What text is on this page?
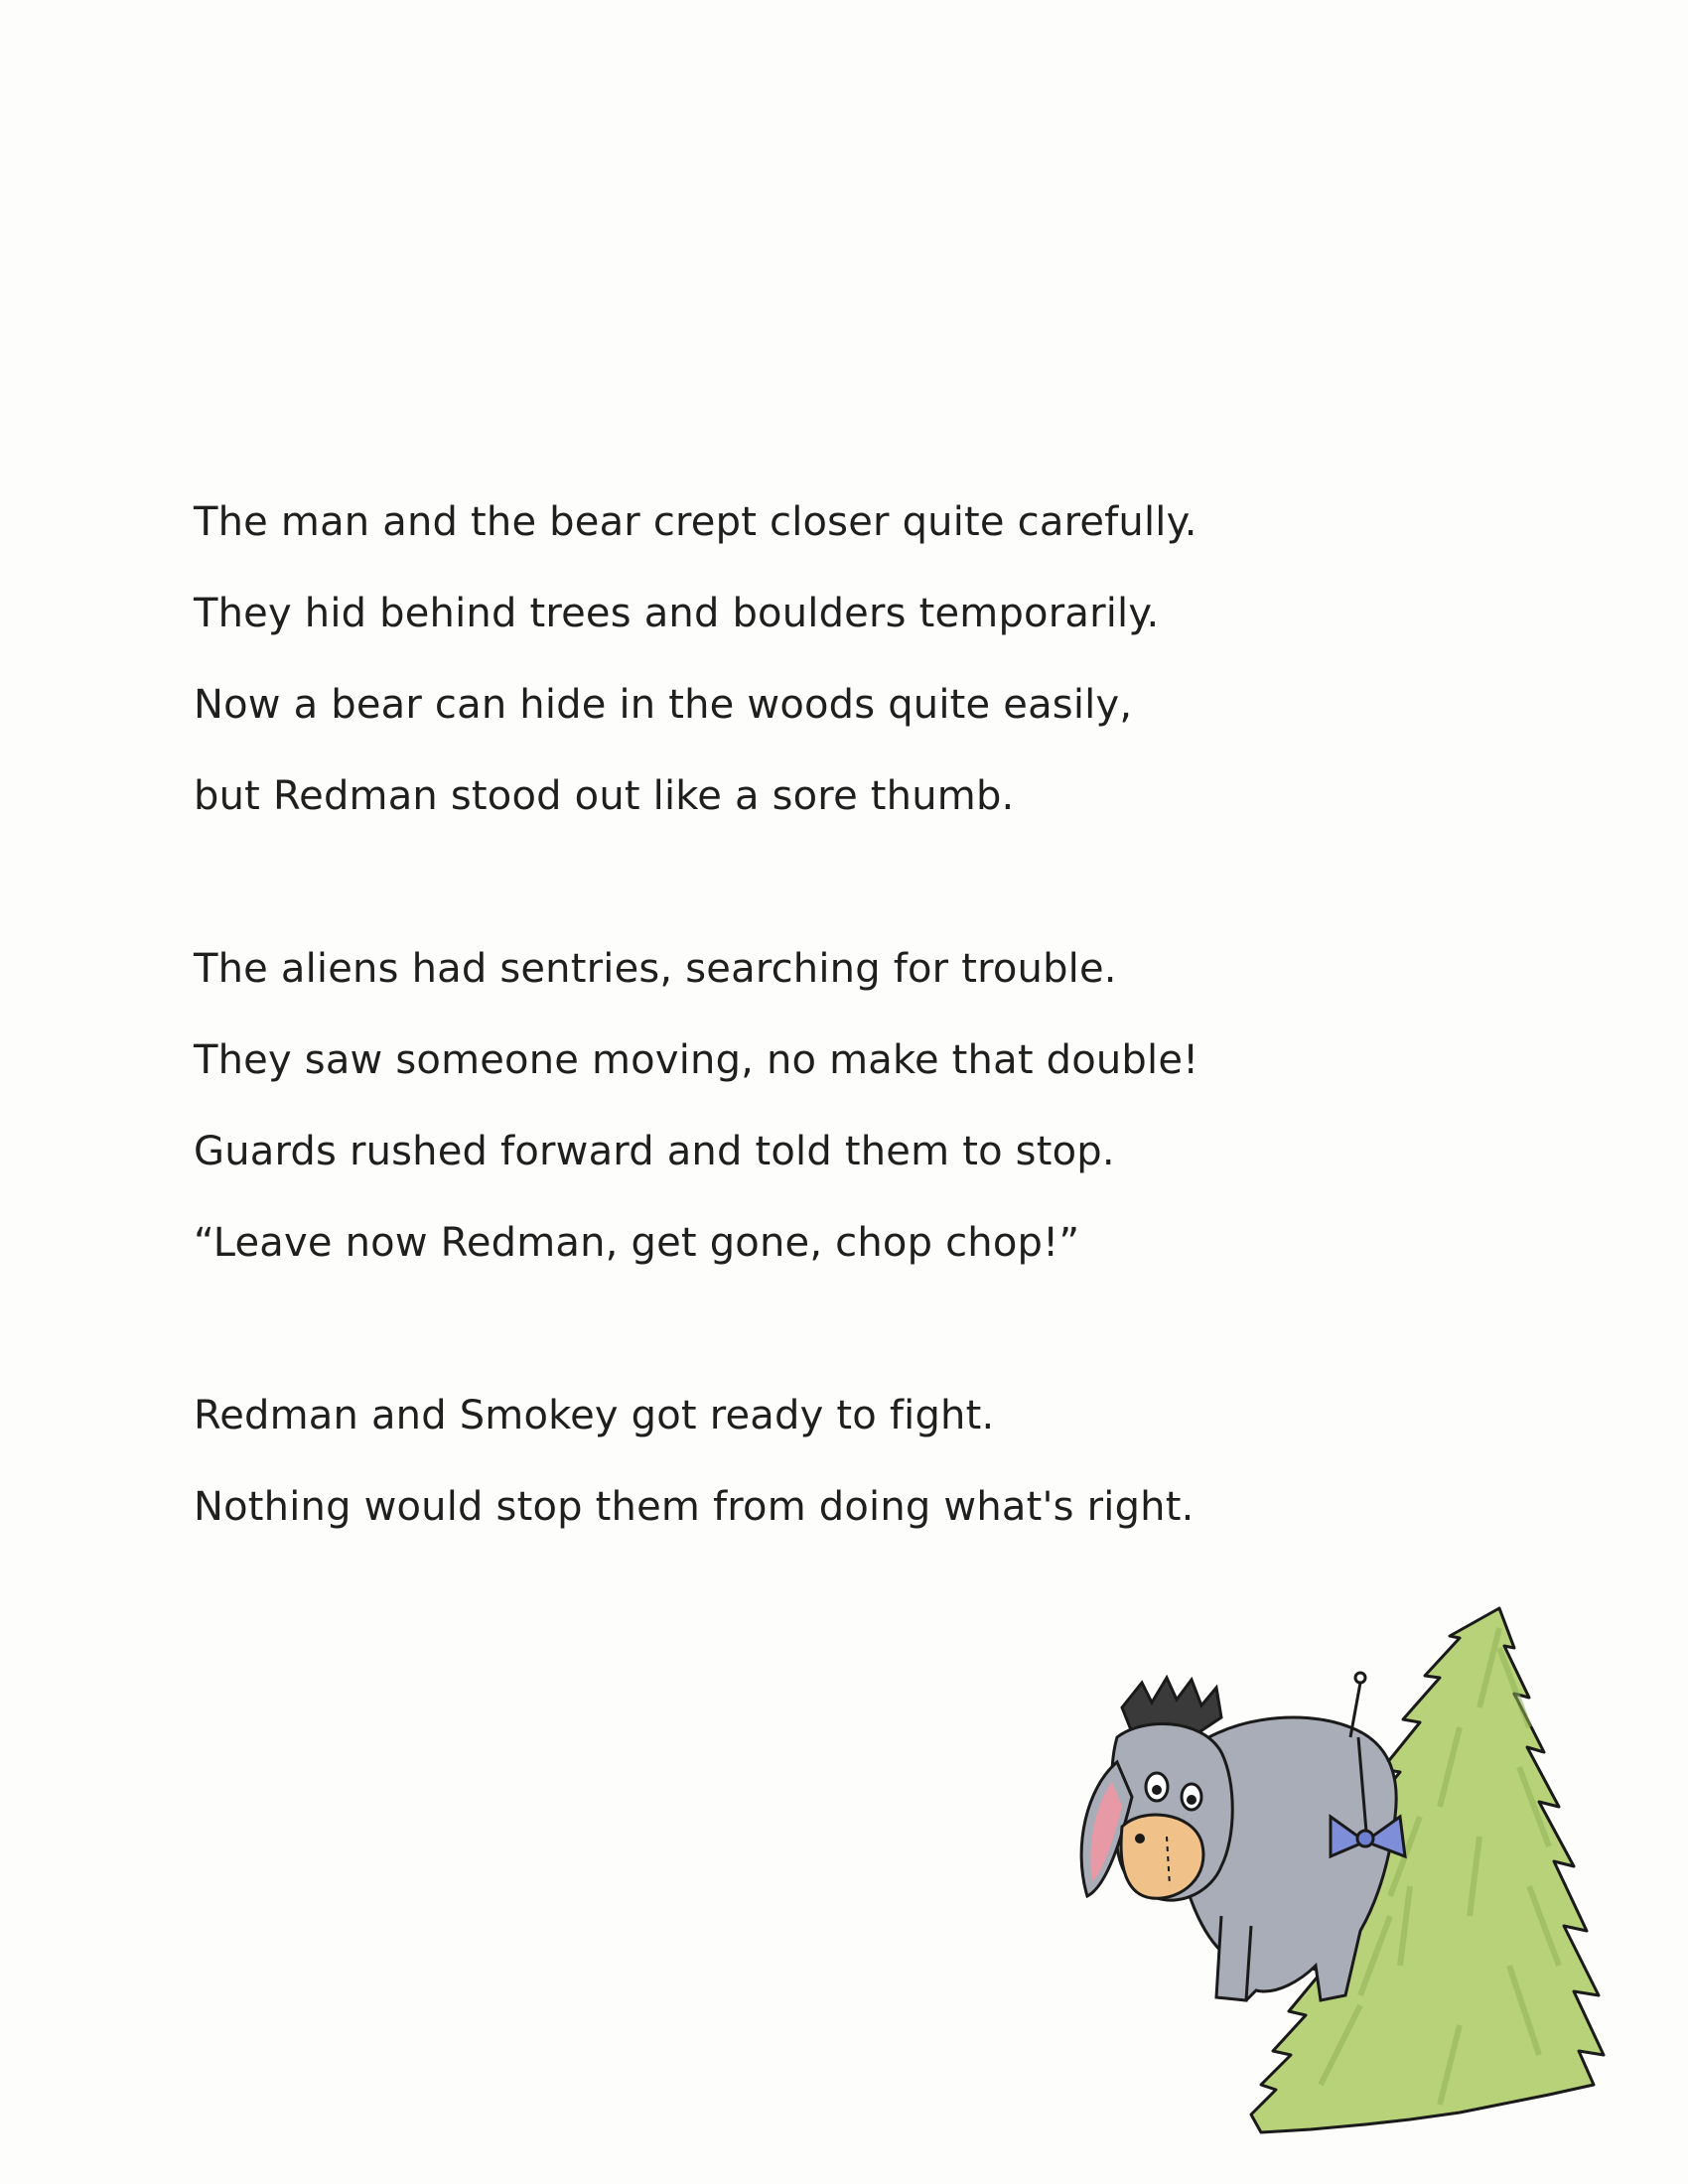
The man and the bear crept closer quite carefully.
They hid behind trees and boulders temporarily.
Now a bear can hide in the woods quite easily,
but Redman stood out like a sore thumb.
The aliens had sentries, searching for trouble.
They saw someone moving, no make that double!
Guards rushed forward and told them to stop.
“Leave now Redman, get gone, chop chop!”
Redman and Smokey got ready to fight.
Nothing would stop them from doing what's right.
